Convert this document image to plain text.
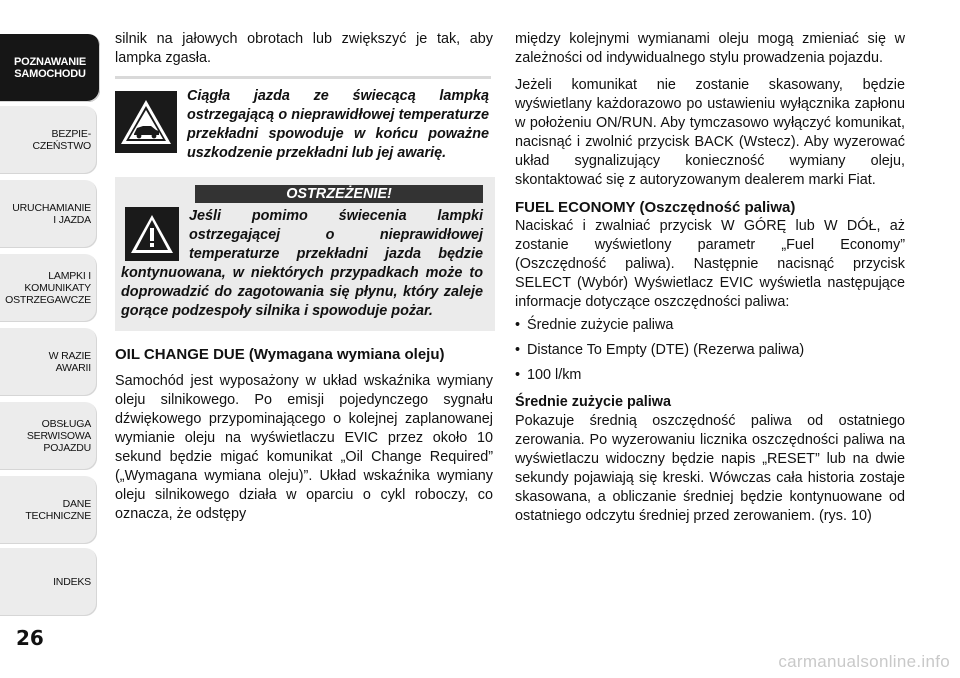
POZNAWANIE
SAMOCHODU
BEZPIE-
CZEŃSTWO
URUCHAMIANIE
I JAZDA
LAMPKI I
KOMUNIKATY
OSTRZEGAWCZE
W RAZIE
AWARII
OBSŁUGA
SERWISOWA
POJAZDU
DANE
TECHNICZNE
INDEKS
26

silnik na jałowych obrotach lub zwiększyć je tak, aby lampka zgasła.

Ciągła jazda ze świecącą lampką ostrzegającą o nieprawidłowej temperaturze przekładni spowoduje w końcu poważne uszkodzenie przekładni lub jej awarię.
OSTRZEŻENIE!
Jeśli pomimo świecenia lampki ostrzegającej o nieprawidłowej temperaturze przekładni jazda będzie kontynuowana, w niektórych przypadkach może to doprowadzić do zagotowania się płynu, który zaleje gorące podzespoły silnika i spowoduje pożar.
OIL CHANGE DUE (Wymagana wymiana oleju)

Samochód jest wyposażony w układ wskaźnika wymiany oleju silnikowego. Po emisji pojedynczego sygnału dźwiękowego przypominającego o kolejnej zaplanowanej wymianie oleju na wyświetlaczu EVIC przez około 10 sekund będzie migać komunikat „Oil Change Required” („Wymagana wymiana oleju)”. Układ wskaźnika wymiany oleju silnikowego działa w oparciu o cykl roboczy, co oznacza, że odstępy

między kolejnymi wymianami oleju mogą zmieniać się w zależności od indywidualnego stylu prowadzenia pojazdu.

Jeżeli komunikat nie zostanie skasowany, będzie wyświetlany każdorazowo po ustawieniu wyłącznika zapłonu w położeniu ON/RUN. Aby tymczasowo wyłączyć komunikat, nacisnąć i zwolnić przycisk BACK (Wstecz). Aby wyzerować układ sygnalizujący konieczność wymiany oleju, skontaktować się z autoryzowanym dealerem marki Fiat.

FUEL ECONOMY (Oszczędność paliwa)

Naciskać i zwalniać przycisk W GÓRĘ lub W DÓŁ, aż zostanie wyświetlony parametr „Fuel Economy” (Oszczędność paliwa). Następnie nacisnąć przycisk SELECT (Wybór) Wyświetlacz EVIC wyświetla następujące informacje dotyczące oszczędności paliwa:

• Średnie zużycie paliwa
• Distance To Empty (DTE) (Rezerwa paliwa)
• 100 l/km
Średnie zużycie paliwa

Pokazuje średnią oszczędność paliwa od ostatniego zerowania. Po wyzerowaniu licznika oszczędności paliwa na wyświetlaczu widoczny będzie napis „RESET” lub na dwie sekundy pojawiają się kreski. Wówczas cała historia zostaje skasowana, a obliczanie średniej będzie kontynuowane od ostatniego odczytu średniej przed zerowaniem. (rys. 10)

carmanualsonline.info
